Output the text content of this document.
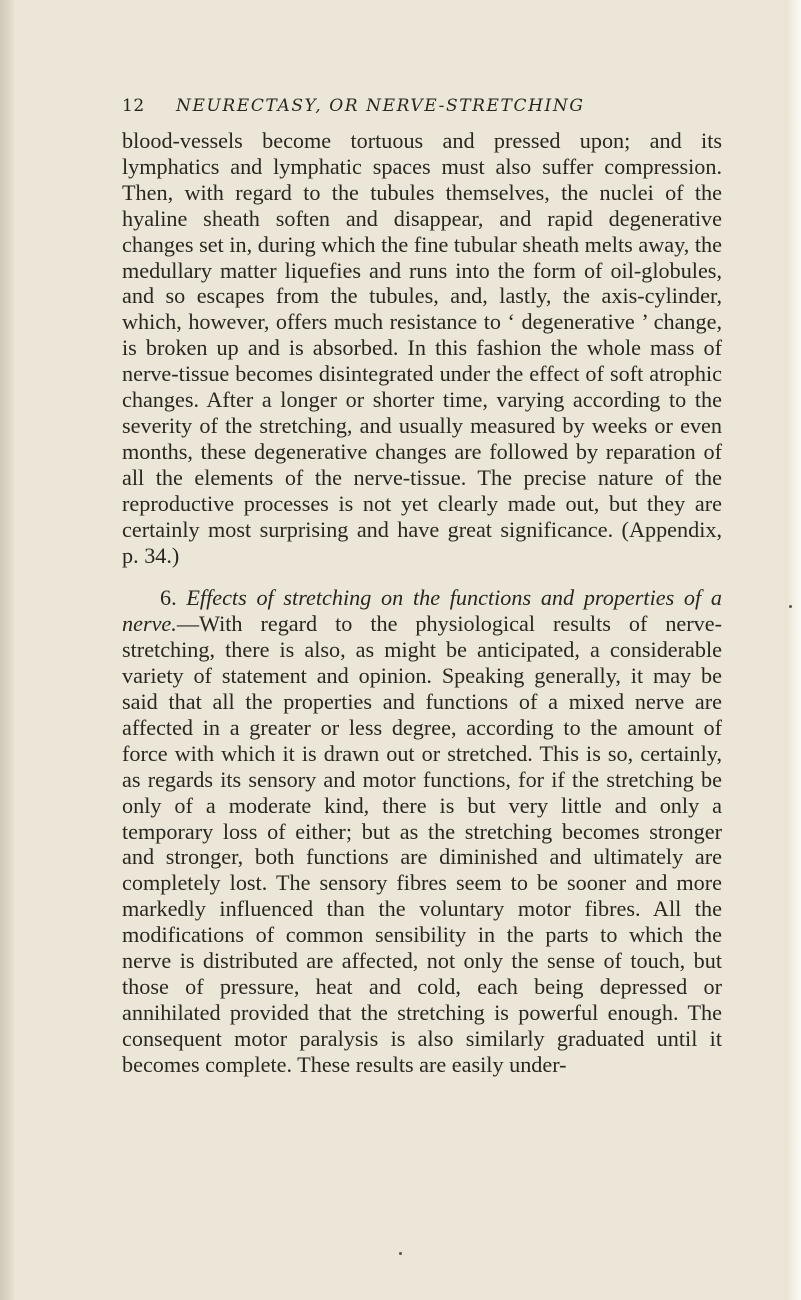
12 NEURECTASY, OR NERVE-STRETCHING

blood-vessels become tortuous and pressed upon; and its lymphatics and lymphatic spaces must also suffer compression. Then, with regard to the tubules themselves, the nuclei of the hyaline sheath soften and disappear, and rapid degenerative changes set in, during which the fine tubular sheath melts away, the medullary matter liquefies and runs into the form of oil-globules, and so escapes from the tubules, and, lastly, the axis-cylinder, which, however, offers much resistance to ‘ degenerative ’ change, is broken up and is absorbed. In this fashion the whole mass of nerve-tissue becomes disintegrated under the effect of soft atrophic changes. After a longer or shorter time, varying according to the severity of the stretching, and usually measured by weeks or even months, these degenerative changes are followed by reparation of all the elements of the nerve-tissue. The precise nature of the reproductive processes is not yet clearly made out, but they are certainly most surprising and have great significance. (Appendix, p. 34.)

6. Effects of stretching on the functions and properties of a nerve.—With regard to the physiological results of nerve-stretching, there is also, as might be anticipated, a considerable variety of statement and opinion. Speaking generally, it may be said that all the properties and functions of a mixed nerve are affected in a greater or less degree, according to the amount of force with which it is drawn out or stretched. This is so, certainly, as regards its sensory and motor functions, for if the stretching be only of a moderate kind, there is but very little and only a temporary loss of either; but as the stretching becomes stronger and stronger, both functions are diminished and ultimately are completely lost. The sensory fibres seem to be sooner and more markedly influenced than the voluntary motor fibres. All the modifications of common sensibility in the parts to which the nerve is distributed are affected, not only the sense of touch, but those of pressure, heat and cold, each being depressed or annihilated provided that the stretching is powerful enough. The consequent motor paralysis is also similarly graduated until it becomes complete. These results are easily under-
